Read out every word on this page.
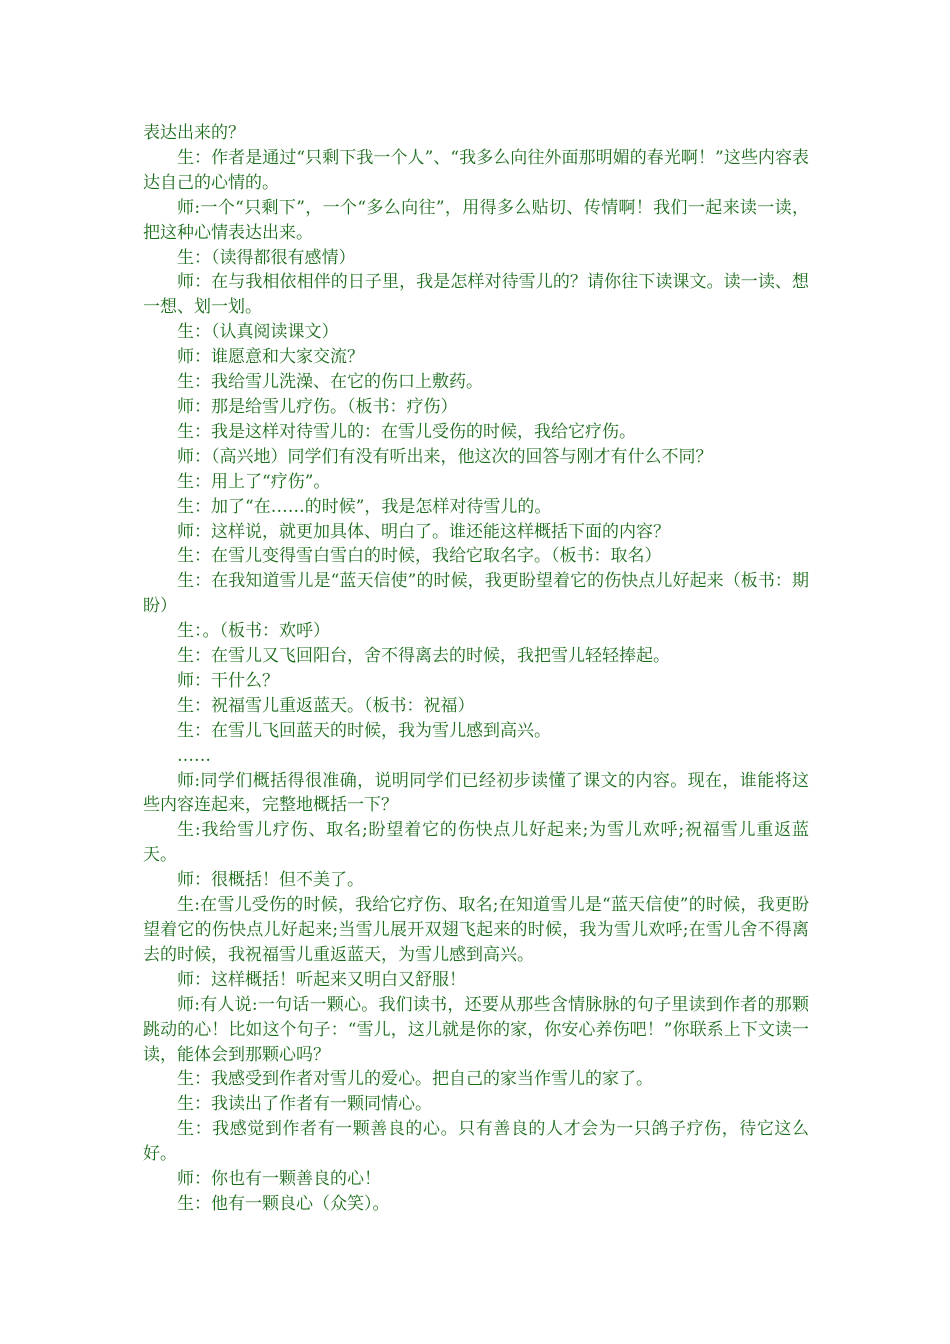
表达出来的？

生：作者是通过“只剩下我一个人”、“我多么向往外面那明媚的春光啊！”这些内容表达自己的心情的。

师:一个“只剩下”，一个“多么向往”，用得多么贴切、传情啊！我们一起来读一读，把这种心情表达出来。

生：（读得都很有感情）

师：在与我相依相伴的日子里，我是怎样对待雪儿的？请你往下读课文。读一读、想一想、划一划。

生：（认真阅读课文）

师：谁愿意和大家交流？

生：我给雪儿洗澡、在它的伤口上敷药。

师：那是给雪儿疗伤。（板书：疗伤）

生：我是这样对待雪儿的：在雪儿受伤的时候，我给它疗伤。

师：（高兴地）同学们有没有听出来，他这次的回答与刚才有什么不同？

生：用上了“疗伤”。

生：加了“在……的时候”，我是怎样对待雪儿的。

师：这样说，就更加具体、明白了。谁还能这样概括下面的内容？

生：在雪儿变得雪白雪白的时候，我给它取名字。（板书：取名）

生：在我知道雪儿是“蓝天信使”的时候，我更盼望着它的伤快点儿好起来（板书：期盼）

生：。（板书：欢呼）

生：在雪儿又飞回阳台，舍不得离去的时候，我把雪儿轻轻捧起。

师：干什么？

生：祝福雪儿重返蓝天。（板书：祝福）

生：在雪儿飞回蓝天的时候，我为雪儿感到高兴。

……

师:同学们概括得很准确，说明同学们已经初步读懂了课文的内容。现在，谁能将这些内容连起来，完整地概括一下？

生:我给雪儿疗伤、取名;盼望着它的伤快点儿好起来;为雪儿欢呼;祝福雪儿重返蓝天。

师：很概括！但不美了。

生:在雪儿受伤的时候，我给它疗伤、取名;在知道雪儿是“蓝天信使”的时候，我更盼望着它的伤快点儿好起来;当雪儿展开双翅飞起来的时候，我为雪儿欢呼;在雪儿舍不得离去的时候，我祝福雪儿重返蓝天，为雪儿感到高兴。

师：这样概括！听起来又明白又舒服！

师:有人说:一句话一颗心。我们读书，还要从那些含情脉脉的句子里读到作者的那颗跳动的心！比如这个句子：“雪儿，这儿就是你的家，你安心养伤吧！”你联系上下文读一读，能体会到那颗心吗？

生：我感受到作者对雪儿的爱心。把自己的家当作雪儿的家了。

生：我读出了作者有一颗同情心。

生：我感觉到作者有一颗善良的心。只有善良的人才会为一只鸽子疗伤，待它这么好。

师：你也有一颗善良的心！

生：他有一颗良心（众笑）。
